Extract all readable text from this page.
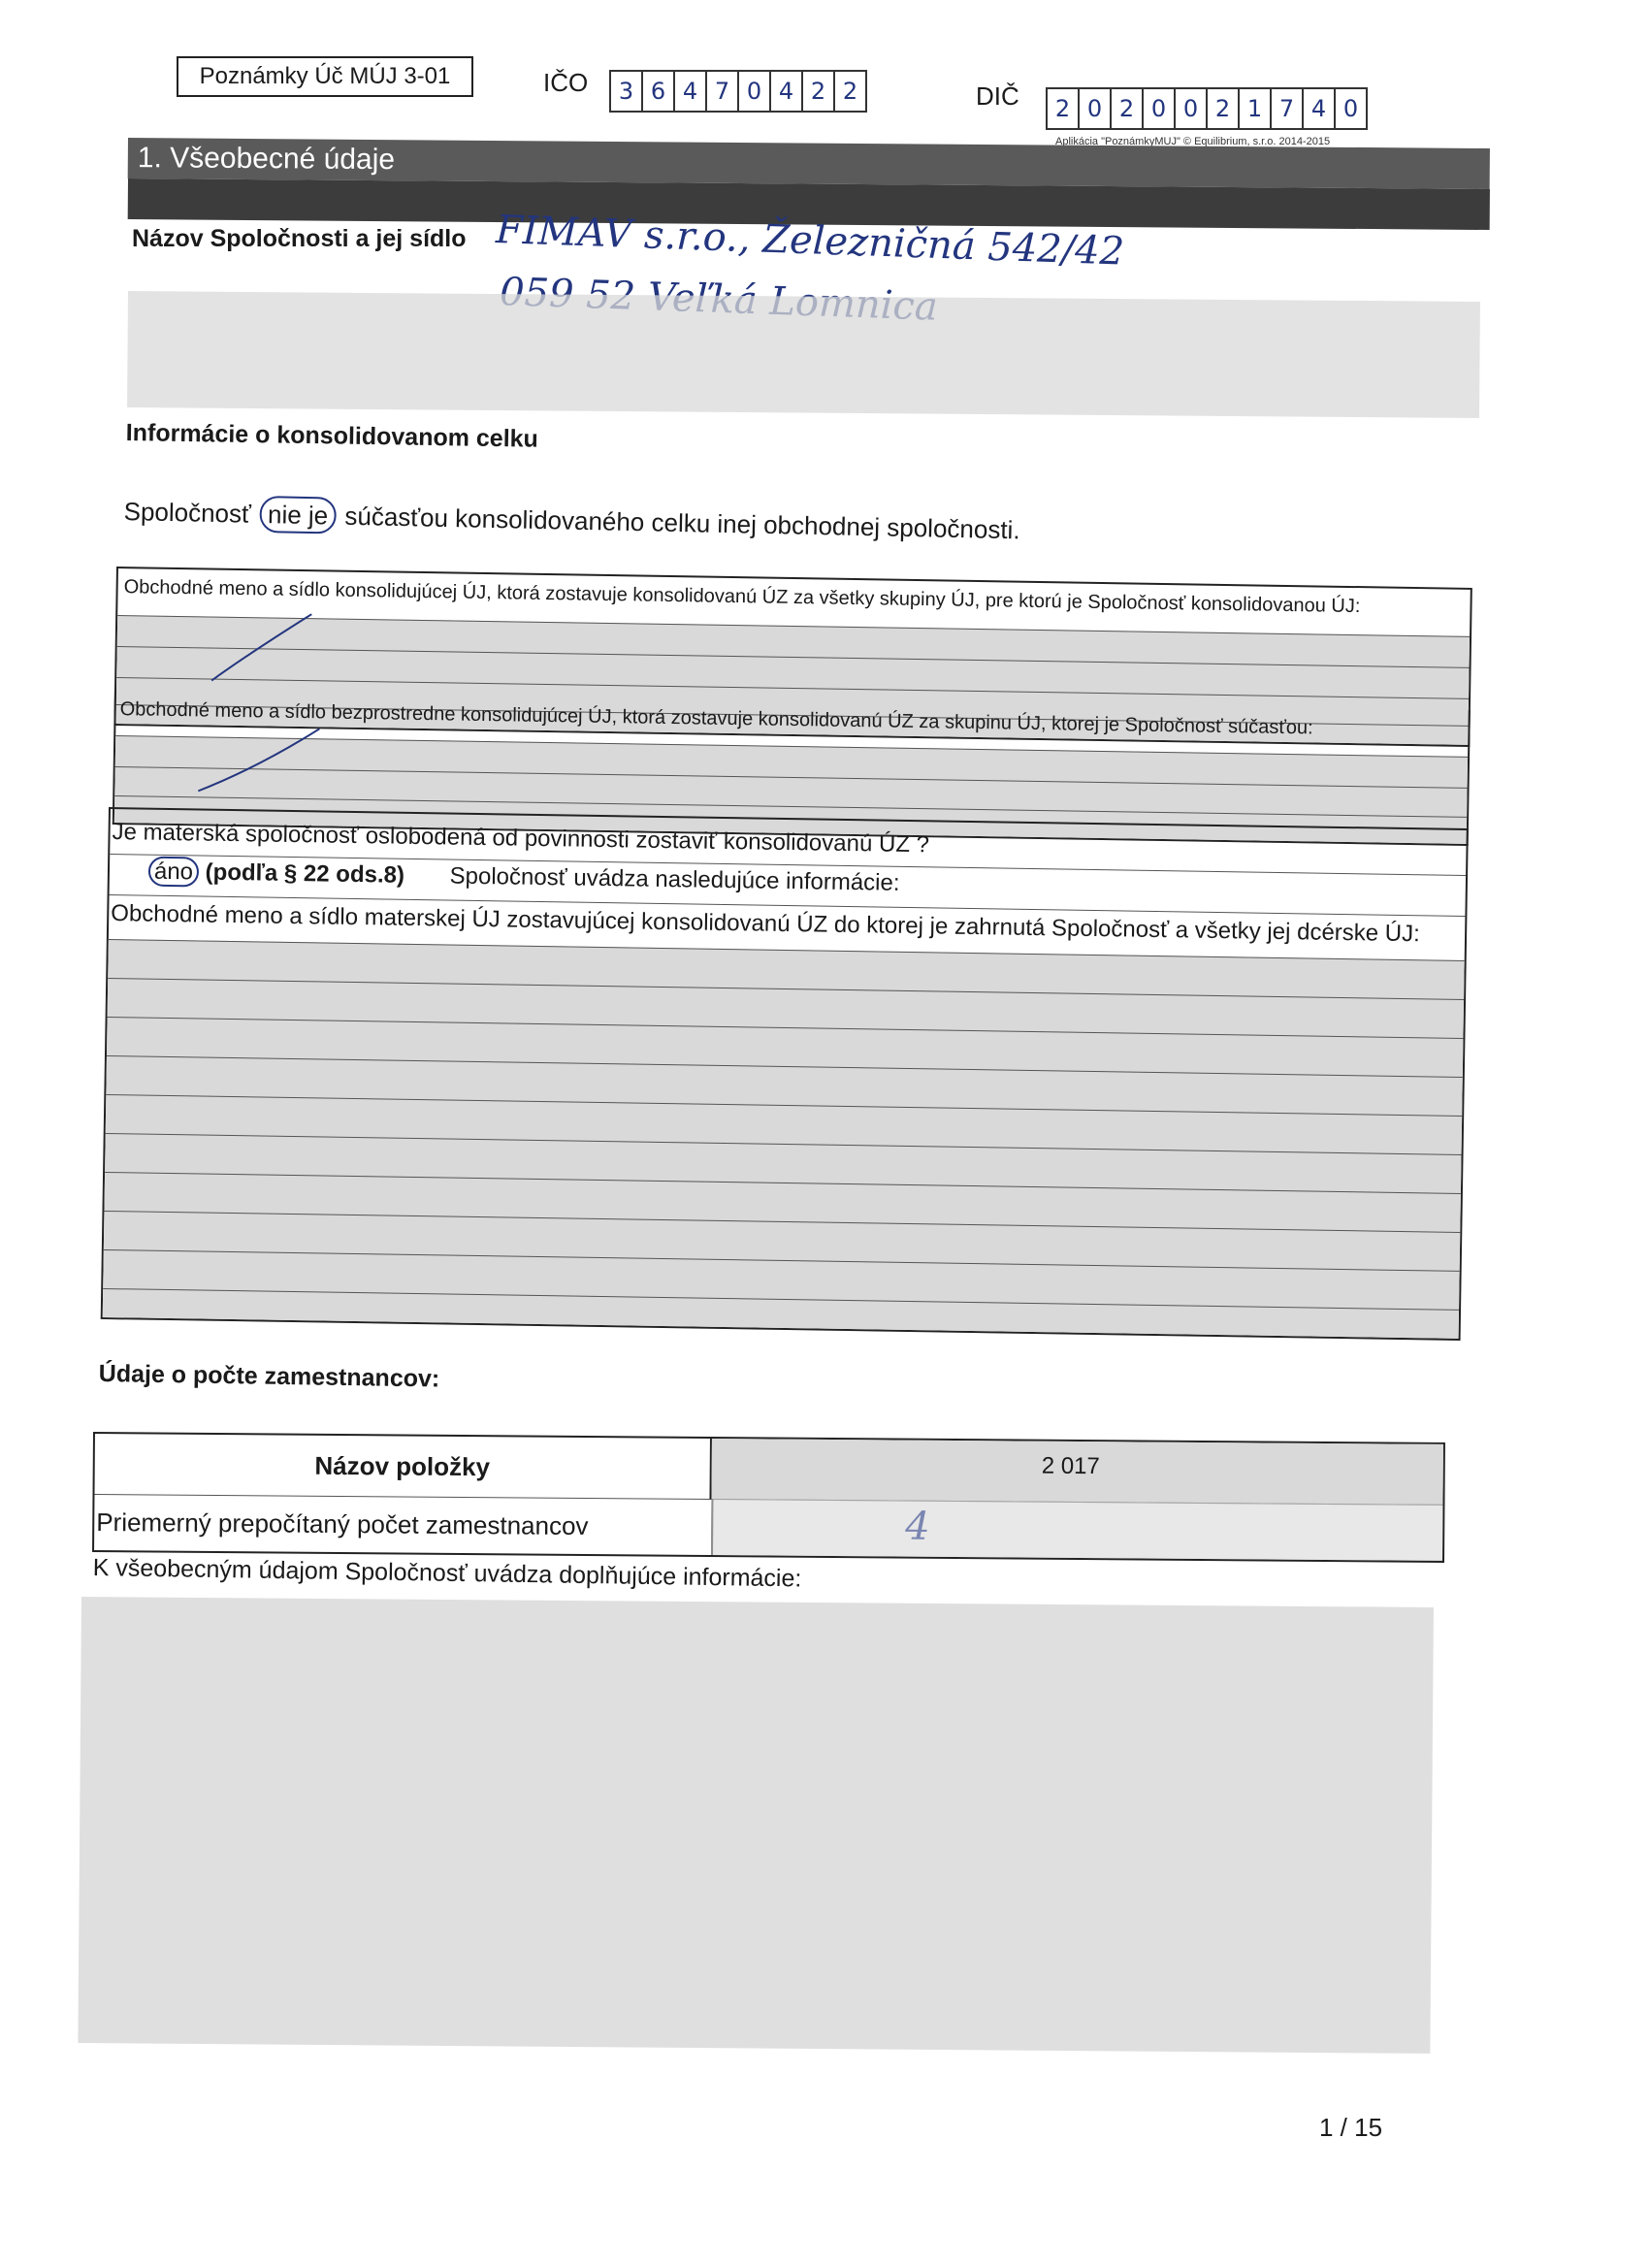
Poznámky Úč MÚJ 3-01	IČO	3 6 4 7 0 4 2 2	DIČ	2 0 2 0 0 2 1 7 4 0
Aplikácia "PoznámkyMUJ" © Equilibrium, s.r.o. 2014-2015
1. Všeobecné údaje
Názov Spoločnosti a jej sídlo FIMAV s.r.o., Železničná 542/42
Informácie o konsolidovanom celku
Spoločnosť nie je súčasťou konsolidovaného celku inej obchodnej spoločnosti.
Obchodné meno a sídlo konsolidujúcej ÚJ, ktorá zostavuje konsolidovanú ÚZ za všetky skupiny ÚJ, pre ktorú je Spoločnosť konsolidovanou ÚJ:
Obchodné meno a sídlo bezprostredne konsolidujúcej ÚJ, ktorá zostavuje konsolidovanú ÚZ za skupinu ÚJ, ktorej je Spoločnosť súčasťou:
Je materská spoločnosť oslobodená od povinnosti zostaviť konsolidovanú ÚZ ?
áno (podľa § 22 ods.8) Spoločnosť uvádza nasledujúce informácie:
Obchodné meno a sídlo materskej ÚJ zostavujúcej konsolidovanú ÚZ do ktorej je zahrnutá Spoločnosť a všetky jej dcérske ÚJ:
Údaje o počte zamestnancov:
Názov položky	2 017
Priemerný prepočítaný počet zamestnancov	4
K všeobecným údajom Spoločnosť uvádza doplňujúce informácie:
1 / 15
